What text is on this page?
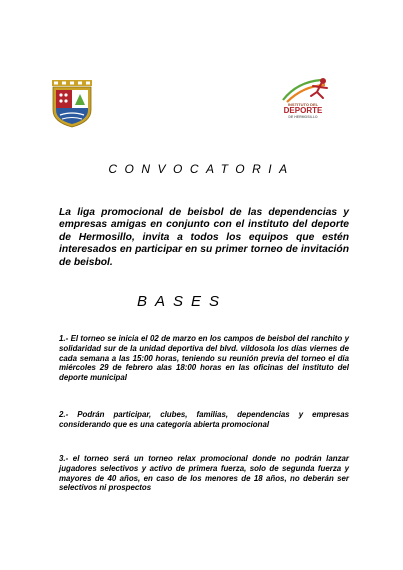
INSTITUTO DEL
DEPORTE
DE HERMOSILLO
CONVOCATORIA

La liga promocional de beisbol de las dependencias y empresas amigas en conjunto con el instituto del deporte de Hermosillo, invita a todos los equipos que estén interesados en participar en su primer torneo de invitación de beisbol.

BASES

1.- El torneo se inicia el 02 de marzo en los campos de beisbol del ranchito y solidaridad sur de la unidad deportiva del blvd. vildosola los días viernes de cada semana a las 15:00 horas, teniendo su reunión previa del torneo el día miércoles 29 de febrero alas 18:00 horas en las oficinas del instituto del deporte municipal

2.- Podrán participar, clubes, familias, dependencias y empresas considerando que es una categoría abierta promocional

3.- el torneo será un torneo relax promocional donde no podrán lanzar jugadores selectivos y activo de primera fuerza, solo de segunda fuerza y mayores de 40 años, en caso de los menores de 18 años, no deberán ser selectivos ni prospectos
